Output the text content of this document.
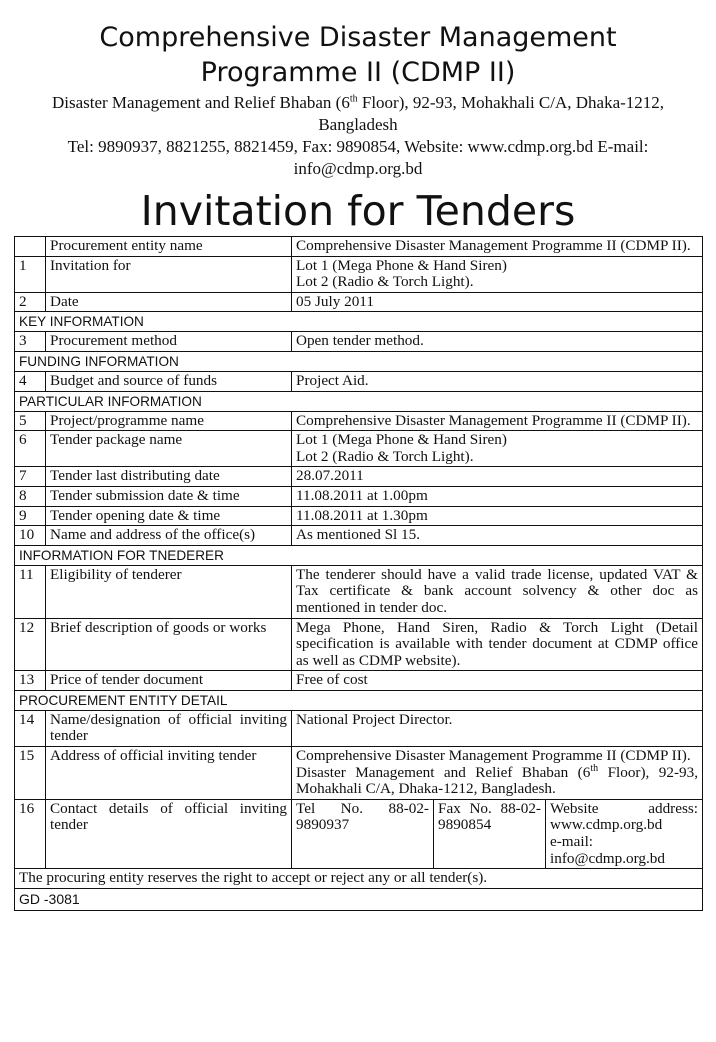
Comprehensive Disaster Management
Programme II (CDMP II)
Disaster Management and Relief Bhaban (6th Floor), 92-93, Mohakhali C/A, Dhaka-1212, Bangladesh
Tel: 9890937, 8821255, 8821459, Fax: 9890854, Website: www.cdmp.org.bd E-mail: info@cdmp.org.bd
Invitation for Tenders
	Procurement entity name	Comprehensive Disaster Management Programme II (CDMP II).		
1	Invitation for	Lot 1 (Mega Phone & Hand Siren)
Lot 2 (Radio & Torch Light).		

2	Date	05 July 2011		
KEY INFORMATION				
3	Procurement method	Open tender method.		
FUNDING INFORMATION				
4	Budget and source of funds	Project Aid.		
PARTICULAR INFORMATION				
5	Project/programme name	Comprehensive Disaster Management Programme II (CDMP II).		
6	Tender package name	Lot 1 (Mega Phone & Hand Siren)
Lot 2 (Radio & Torch Light).		

7	Tender last distributing date	28.07.2011		
8	Tender submission date & time	11.08.2011 at 1.00pm		
9	Tender opening date & time	11.08.2011 at 1.30pm		
10	Name and address of the office(s)	As mentioned Sl 15.		
INFORMATION FOR TNEDERER				
11	Eligibility of tenderer	The tenderer should have a valid trade license, updated VAT & Tax certificate & bank account solvency & other doc as mentioned in tender doc.		
12	Brief description of goods or works	Mega Phone, Hand Siren, Radio & Torch Light (Detail specification is available with tender document at CDMP office as well as CDMP website).		
13	Price of tender document	Free of cost		
PROCUREMENT ENTITY DETAIL				
14	Name/designation of official inviting tender	National Project Director.		
15	Address of official inviting tender	Comprehensive Disaster Management Programme II (CDMP II).
Disaster Management and Relief Bhaban (6th Floor), 92-93, Mohakhali C/A, Dhaka-1212, Bangladesh.		

16	Contact details of official inviting tender	Tel No. 88-02-9890937	Fax No. 88-02-9890854	Website address: www.cdmp.org.bd
e-mail: info@cdmp.org.bd

The procuring entity reserves the right to accept or reject any or all tender(s).				
GD -3081				
